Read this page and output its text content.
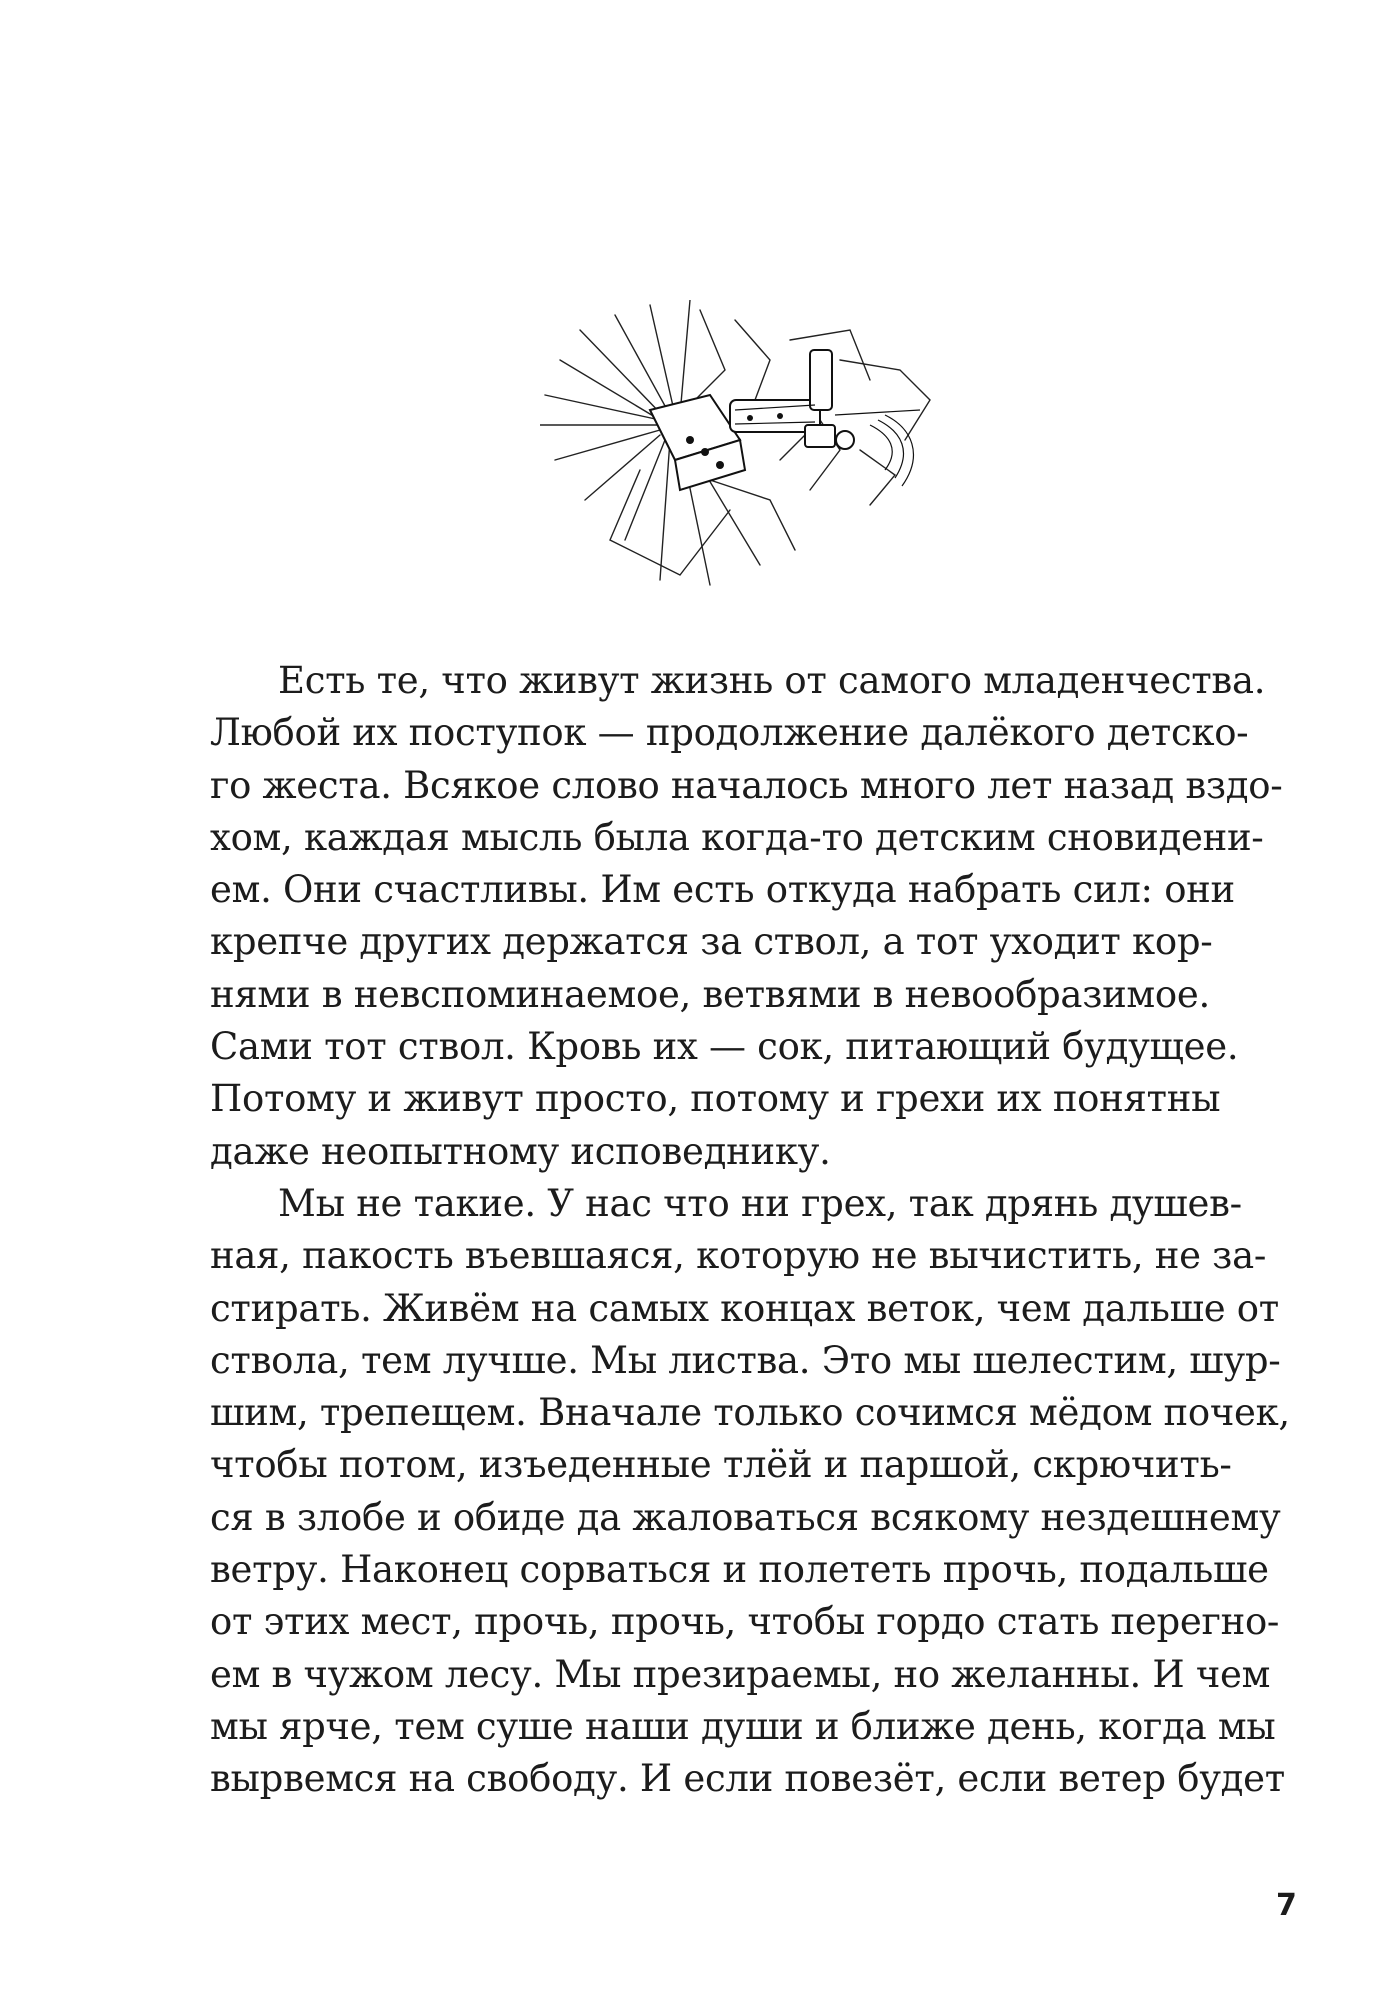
Есть те, что живут жизнь от самого младенчества.
Любой их поступок — продолжение далёкого детско-
го жеста. Всякое слово началось много лет назад вздо-
хом, каждая мысль была когда-то детским сновидени-
ем. Они счастливы. Им есть откуда набрать сил: они
крепче других держатся за ствол, а тот уходит кор-
нями в невспоминаемое, ветвями в невообразимое.
Сами тот ствол. Кровь их — сок, питающий будущее.
Потому и живут просто, потому и грехи их понятны
даже неопытному исповеднику.
Мы не такие. У нас что ни грех, так дрянь душев-
ная, пакость въевшаяся, которую не вычистить, не за-
стирать. Живём на самых концах веток, чем дальше от
ствола, тем лучше. Мы листва. Это мы шелестим, шур-
шим, трепещем. Вначале только сочимся мёдом почек,
чтобы потом, изъеденные тлёй и паршой, скрючить-
ся в злобе и обиде да жаловаться всякому нездешнему
ветру. Наконец сорваться и полететь прочь, подальше
от этих мест, прочь, прочь, чтобы гордо стать перегно-
ем в чужом лесу. Мы презираемы, но желанны. И чем
мы ярче, тем суше наши души и ближе день, когда мы
вырвемся на свободу. И если повезёт, если ветер будет
7
